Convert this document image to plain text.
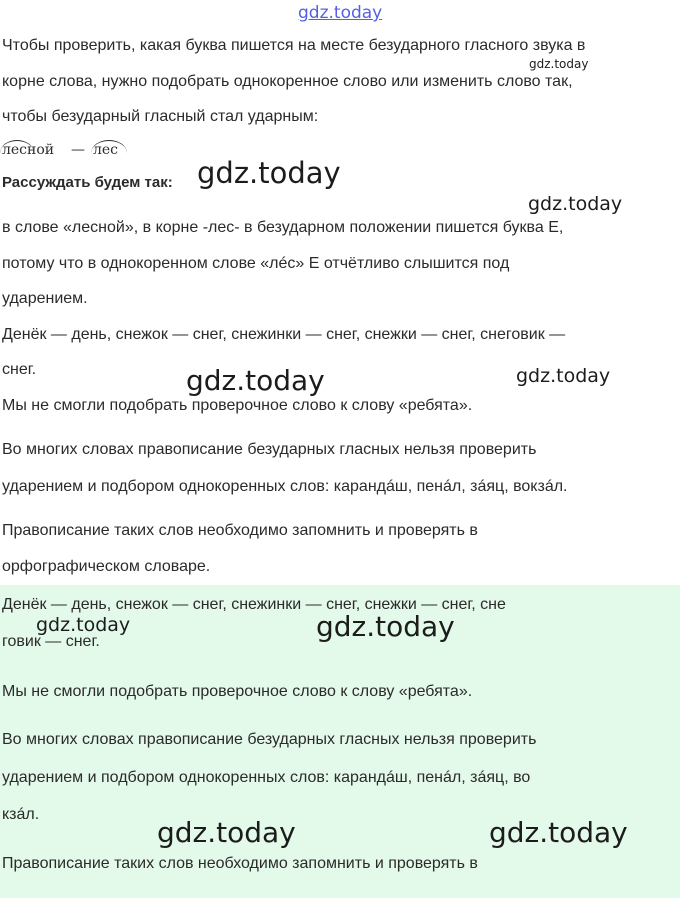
gdz.today
Чтобы проверить, какая буква пишется на месте безударного гласного звука в
gdz.today
корне слова, нужно подобрать однокоренное слово или изменить слово так,
чтобы безударный гласный стал ударным:
лесной — лес
Рассуждать будем так: gdz.today
gdz.today
в слове «лесной», в корне -лес- в безударном положении пишется буква Е,
потому что в однокоренном слове «лéс» Е отчётливо слышится под
ударением.
Денёк — день, снежок — снег, снежинки — снег, снежки — снег, снеговик —
снег.	gdz.today	gdz.today
Мы не смогли подобрать проверочное слово к слову «ребята».
Во многих словах правописание безударных гласных нельзя проверить
ударением и подбором однокоренных слов: карандáш, пенáл, зáяц, вокзáл.
Правописание таких слов необходимо запомнить и проверять в
орфографическом словаре.
Денёк — день, снежок — снег, снежинки — снег, снежки — снег, сне
gdz.today	gdz.today
говик — снег.
Мы не смогли подобрать проверочное слово к слову «ребята».
Во многих словах правописание безударных гласных нельзя проверить
ударением и подбором однокоренных слов: карандáш, пенáл, зáяц, во
кзáл.
gdz.today	gdz.today
Правописание таких слов необходимо запомнить и проверять в
